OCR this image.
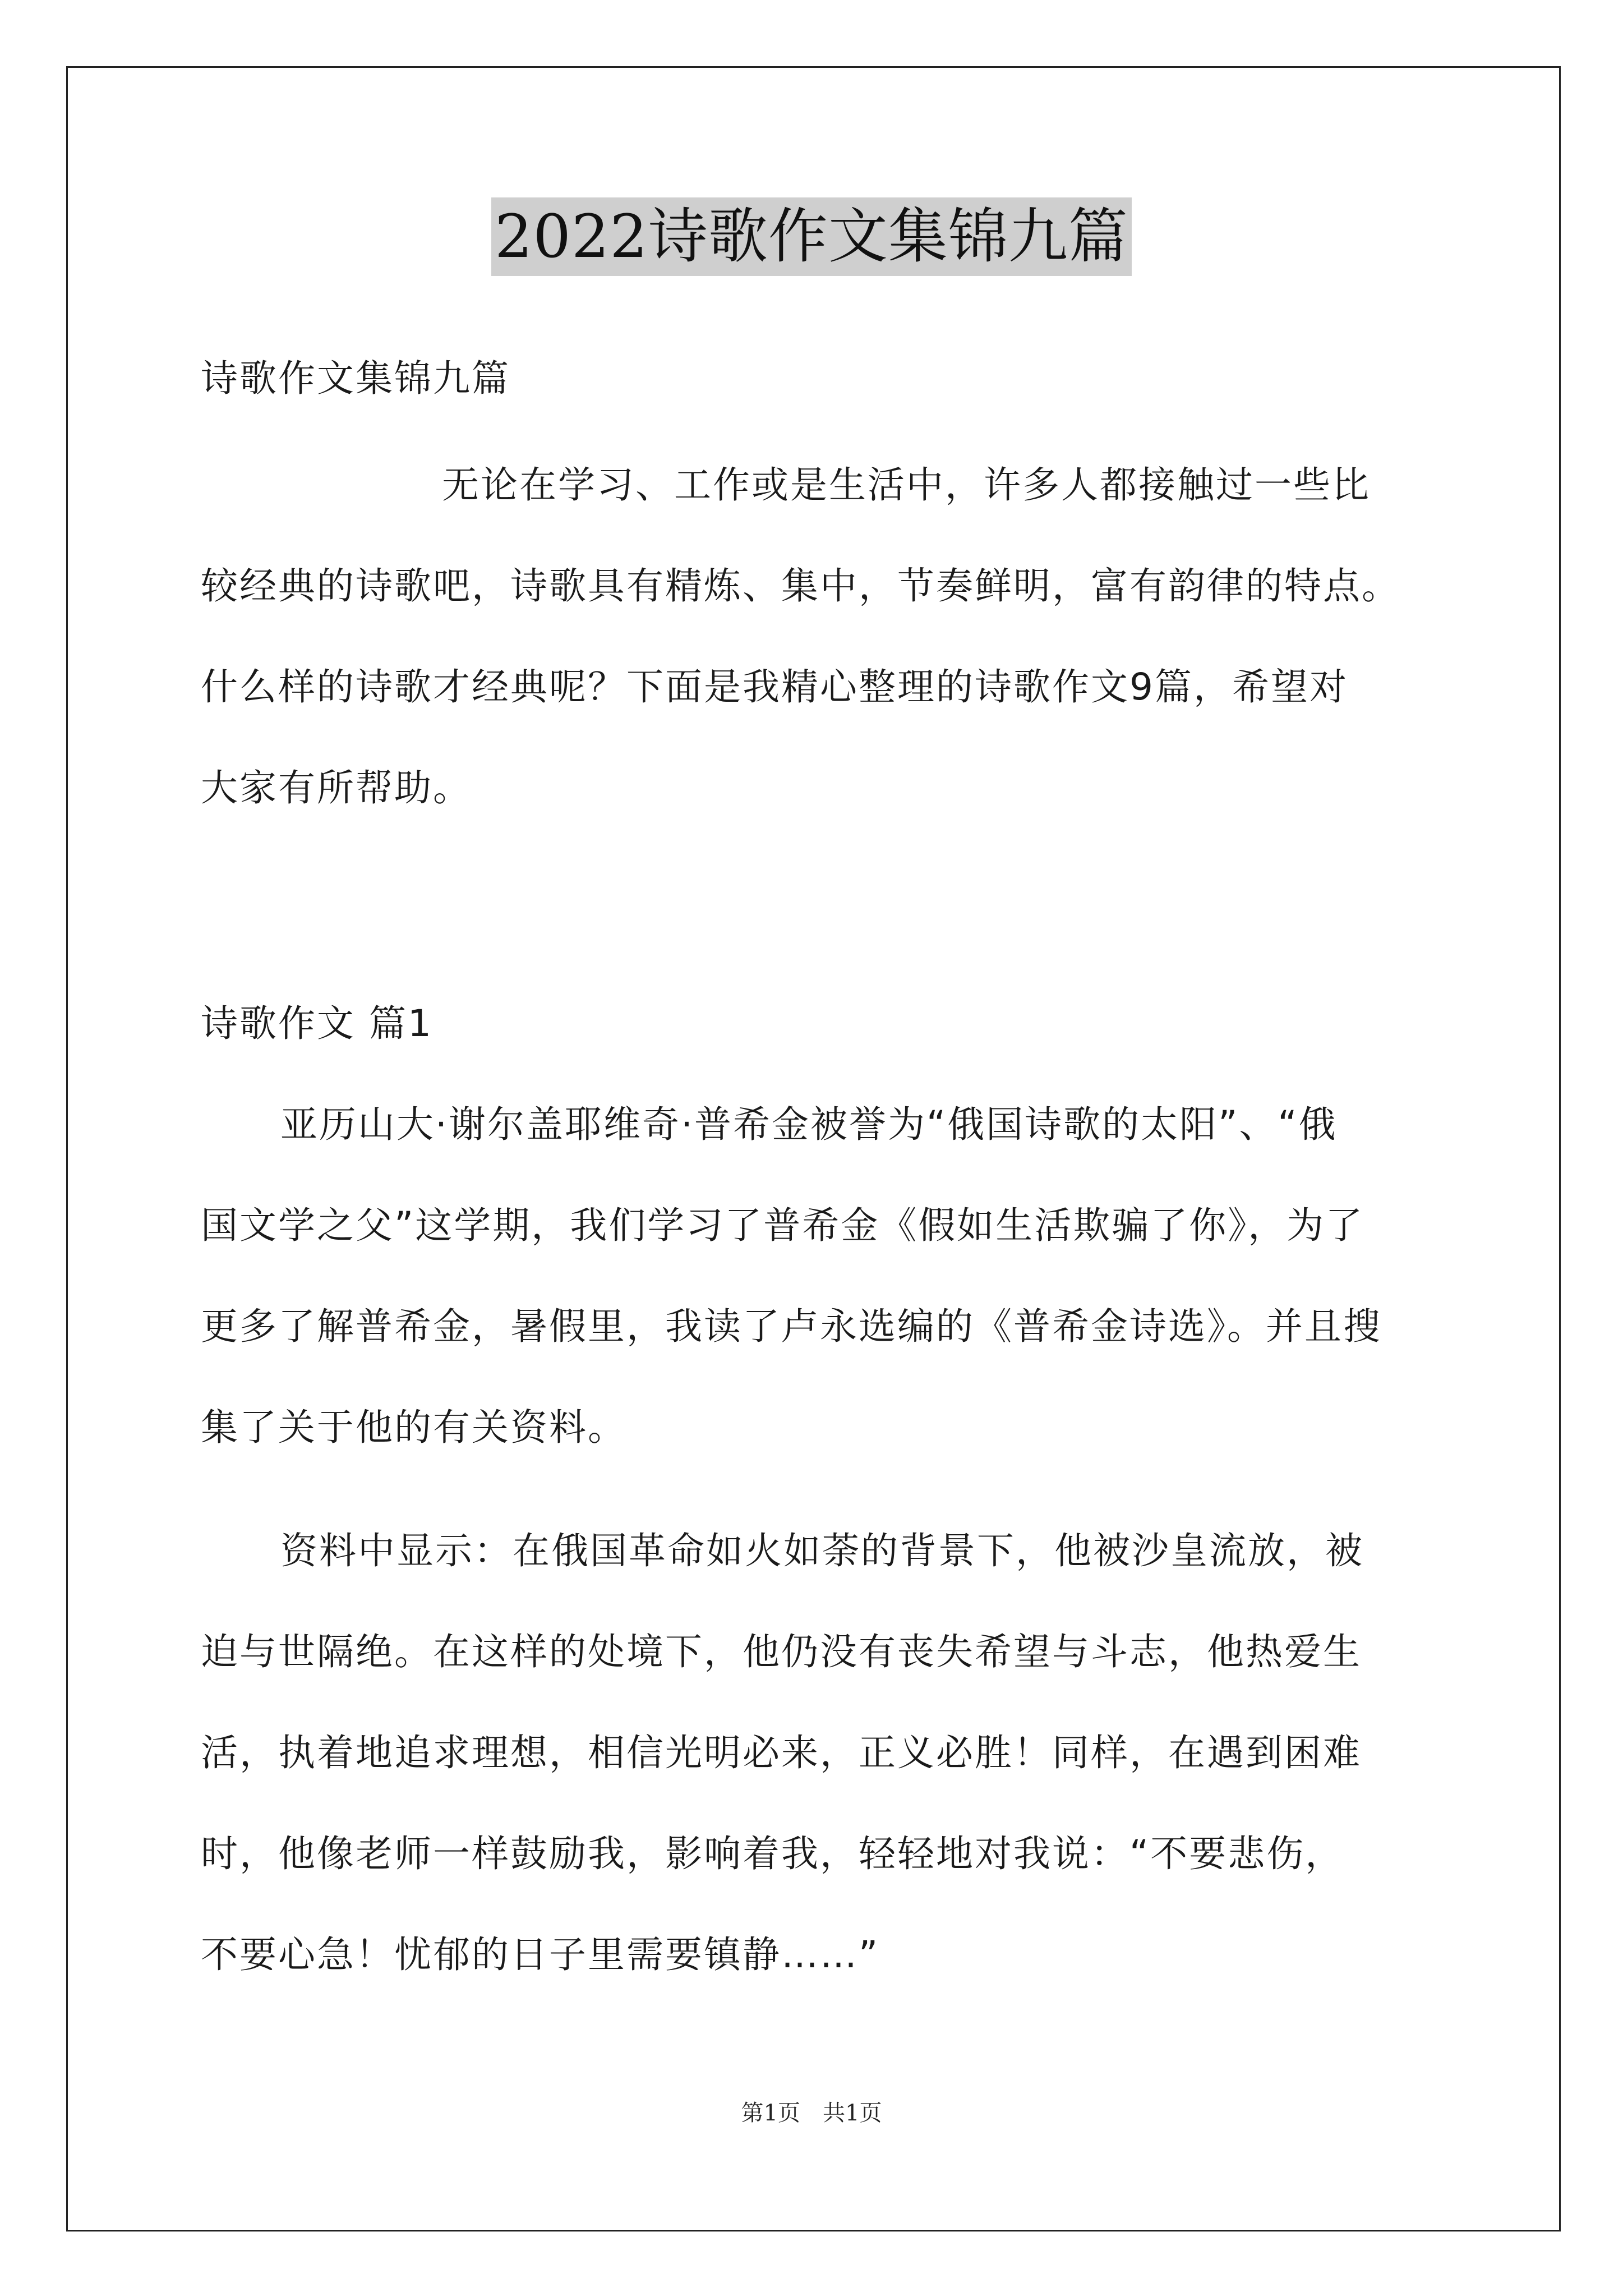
2022诗歌作文集锦九篇
诗歌作文集锦九篇
无论在学习、工作或是生活中，许多人都接触过一些比
较经典的诗歌吧，诗歌具有精炼、集中，节奏鲜明，富有韵律的特点。
什么样的诗歌才经典呢？下面是我精心整理的诗歌作文9篇，希望对
大家有所帮助。
诗歌作文 篇1
亚历山大·谢尔盖耶维奇·普希金被誉为“俄国诗歌的太阳”、“俄
国文学之父”这学期，我们学习了普希金《假如生活欺骗了你》，为了
更多了解普希金，暑假里，我读了卢永选编的《普希金诗选》。并且搜
集了关于他的有关资料。
资料中显示：在俄国革命如火如荼的背景下，他被沙皇流放，被
迫与世隔绝。在这样的处境下，他仍没有丧失希望与斗志，他热爱生
活，执着地追求理想，相信光明必来，正义必胜！同样，在遇到困难
时，他像老师一样鼓励我，影响着我，轻轻地对我说：“不要悲伤，
不要心急！忧郁的日子里需要镇静……”
第1页 共1页
